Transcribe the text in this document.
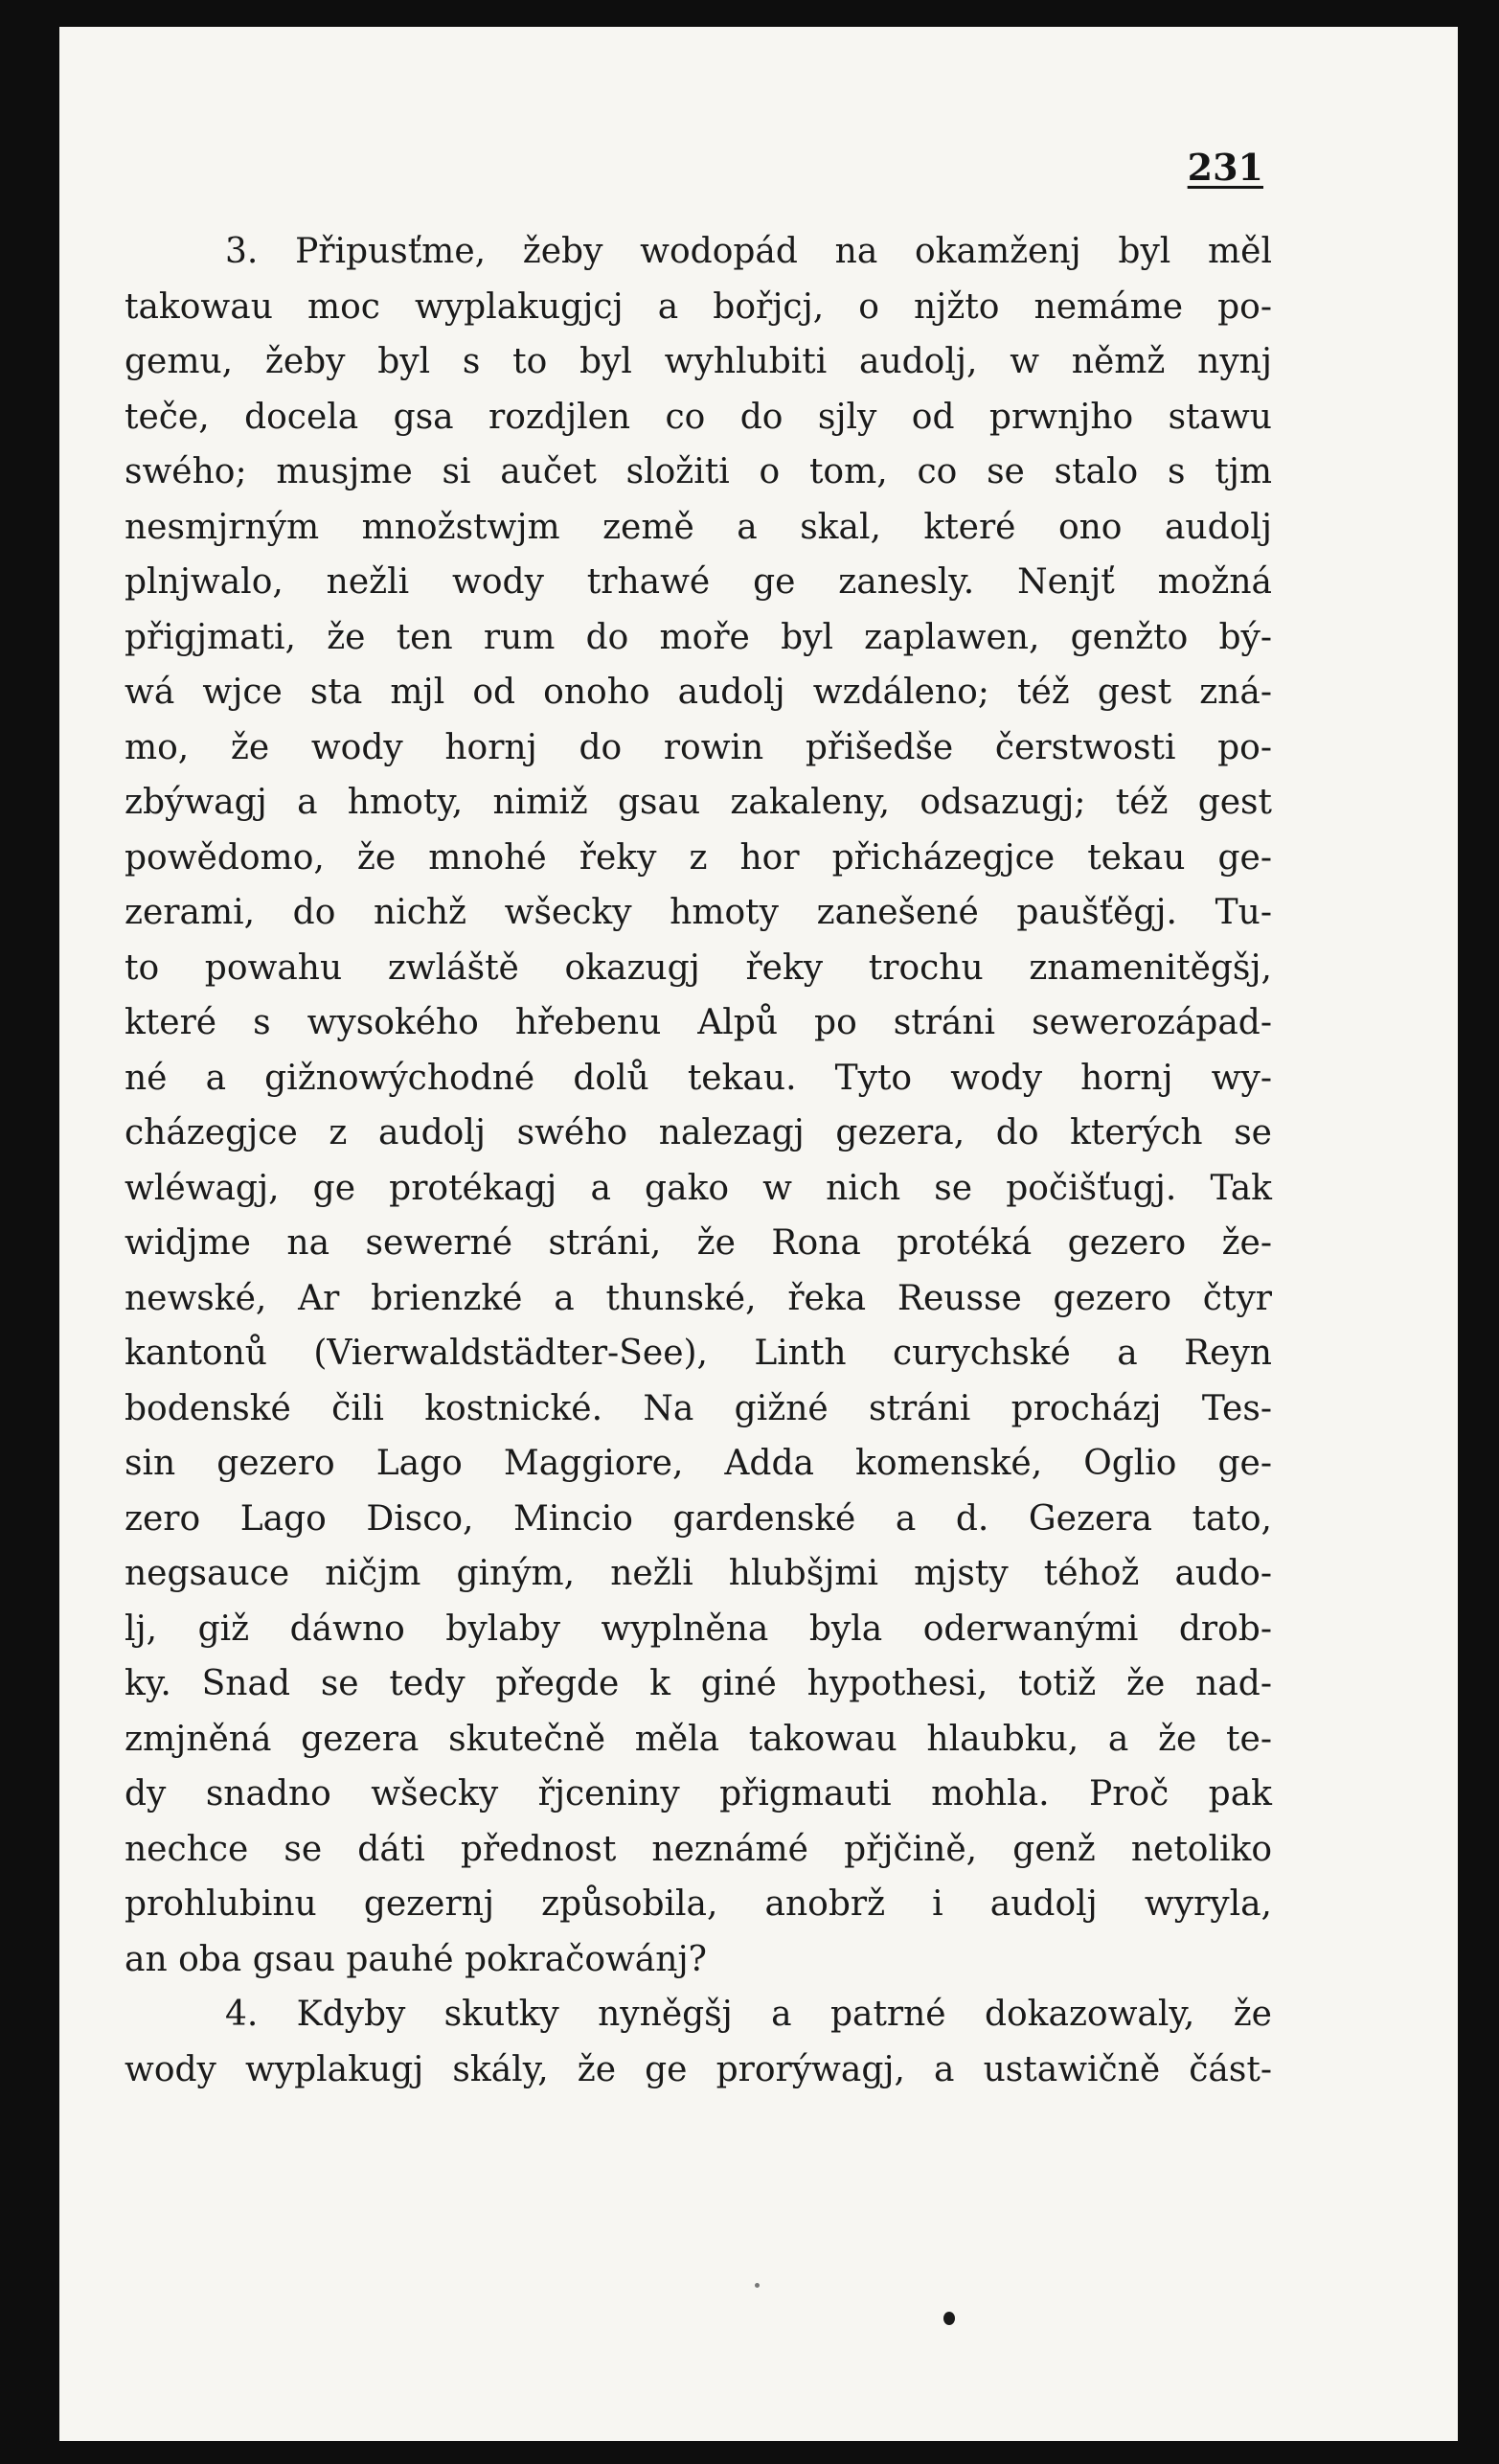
231
3. Připusťme, žeby wodopád na okamženj byl měl
takowau moc wyplakugjcj a bořjcj, o njžto nemáme po-
gemu, žeby byl s to byl wyhlubiti audolj, w němž nynj
teče, docela gsa rozdjlen co do sjly od prwnjho stawu
swého; musjme si aučet složiti o tom, co se stalo s tjm
nesmjrným množstwjm země a skal, které ono audolj
plnjwalo, nežli wody trhawé ge zanesly. Nenjť možná
přigjmati, že ten rum do moře byl zaplawen, genžto bý-
wá wjce sta mjl od onoho audolj wzdáleno; též gest zná-
mo, že wody hornj do rowin přišedše čerstwosti po-
zbýwagj a hmoty, nimiž gsau zakaleny, odsazugj; též gest
powědomo, že mnohé řeky z hor přicházegjce tekau ge-
zerami, do nichž wšecky hmoty zanešené paušťěgj. Tu-
to powahu zwláště okazugj řeky trochu znamenitěgšj,
které s wysokého hřebenu Alpů po stráni sewerozápad-
né a gižnowýchodné dolů tekau. Tyto wody hornj wy-
cházegjce z audolj swého nalezagj gezera, do kterých se
wléwagj, ge protékagj a gako w nich se počišťugj. Tak
widjme na sewerné stráni, že Rona protéká gezero že-
newské, Ar brienzké a thunské, řeka Reusse gezero čtyr
kantonů (Vierwaldstädter-See), Linth curychské a Reyn
bodenské čili kostnické. Na gižné stráni procházj Tes-
sin gezero Lago Maggiore, Adda komenské, Oglio ge-
zero Lago Disco, Mincio gardenské a d. Gezera tato,
negsauce ničjm giným, nežli hlubšjmi mjsty téhož audo-
lj, giž dáwno bylaby wyplněna byla oderwanými drob-
ky. Snad se tedy přegde k giné hypothesi, totiž že nad-
zmjněná gezera skutečně měla takowau hlaubku, a že te-
dy snadno wšecky řjceniny přigmauti mohla. Proč pak
nechce se dáti přednost neznámé přjčině, genž netoliko
prohlubinu gezernj způsobila, anobrž i audolj wyryla,
an oba gsau pauhé pokračowánj?
4. Kdyby skutky nyněgšj a patrné dokazowaly, že
wody wyplakugj skály, že ge prorýwagj, a ustawičně část-
